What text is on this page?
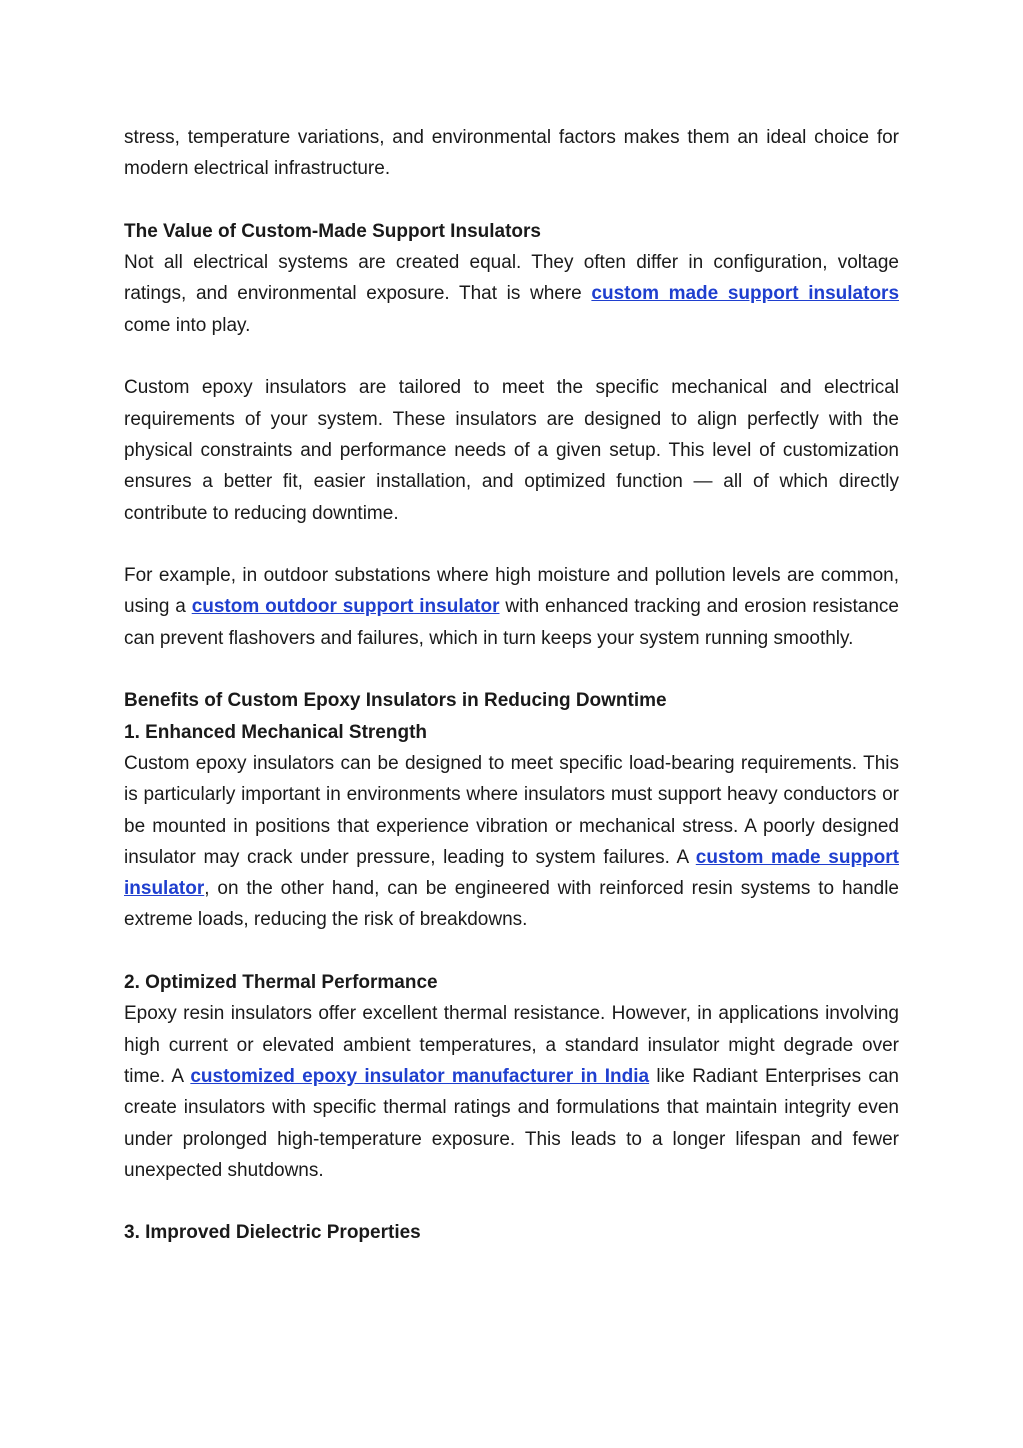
stress, temperature variations, and environmental factors makes them an ideal choice for modern electrical infrastructure.

The Value of Custom-Made Support Insulators

Not all electrical systems are created equal. They often differ in configuration, voltage ratings, and environmental exposure. That is where custom made support insulators come into play.

Custom epoxy insulators are tailored to meet the specific mechanical and electrical requirements of your system. These insulators are designed to align perfectly with the physical constraints and performance needs of a given setup. This level of customization ensures a better fit, easier installation, and optimized function — all of which directly contribute to reducing downtime.

For example, in outdoor substations where high moisture and pollution levels are common, using a custom outdoor support insulator with enhanced tracking and erosion resistance can prevent flashovers and failures, which in turn keeps your system running smoothly.

Benefits of Custom Epoxy Insulators in Reducing Downtime

1. Enhanced Mechanical Strength

Custom epoxy insulators can be designed to meet specific load-bearing requirements. This is particularly important in environments where insulators must support heavy conductors or be mounted in positions that experience vibration or mechanical stress. A poorly designed insulator may crack under pressure, leading to system failures. A custom made support insulator, on the other hand, can be engineered with reinforced resin systems to handle extreme loads, reducing the risk of breakdowns.

2. Optimized Thermal Performance

Epoxy resin insulators offer excellent thermal resistance. However, in applications involving high current or elevated ambient temperatures, a standard insulator might degrade over time. A customized epoxy insulator manufacturer in India like Radiant Enterprises can create insulators with specific thermal ratings and formulations that maintain integrity even under prolonged high-temperature exposure. This leads to a longer lifespan and fewer unexpected shutdowns.

3. Improved Dielectric Properties
